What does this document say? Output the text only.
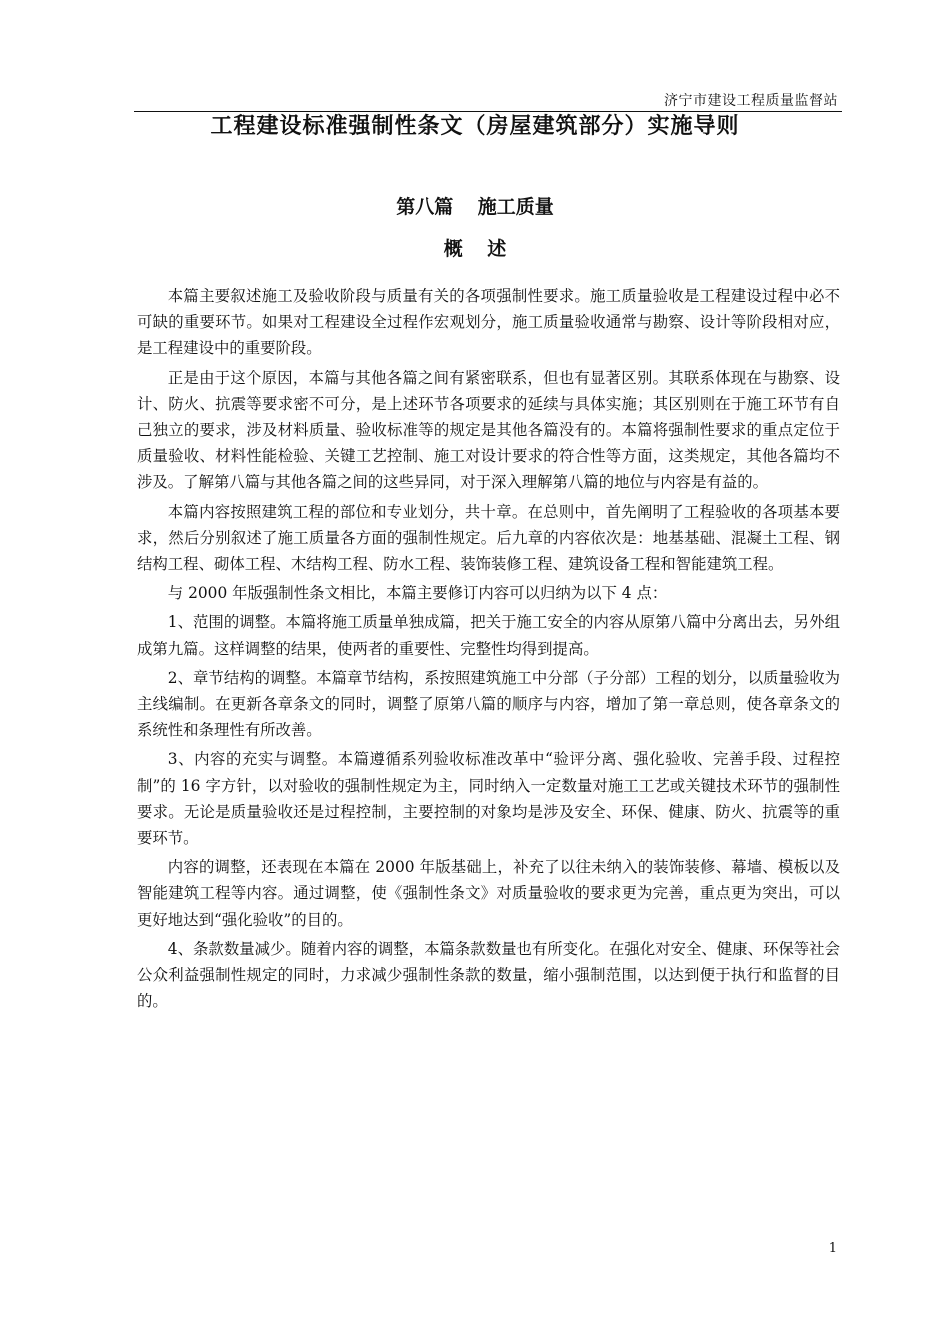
济宁市建设工程质量监督站
工程建设标准强制性条文（房屋建筑部分）实施导则
第八篇 施工质量
概 述

本篇主要叙述施工及验收阶段与质量有关的各项强制性要求。施工质量验收是工程建设过程中必不可缺的重要环节。如果对工程建设全过程作宏观划分，施工质量验收通常与勘察、设计等阶段相对应，是工程建设中的重要阶段。

正是由于这个原因，本篇与其他各篇之间有紧密联系，但也有显著区别。其联系体现在与勘察、设计、防火、抗震等要求密不可分，是上述环节各项要求的延续与具体实施；其区别则在于施工环节有自己独立的要求，涉及材料质量、验收标准等的规定是其他各篇没有的。本篇将强制性要求的重点定位于质量验收、材料性能检验、关键工艺控制、施工对设计要求的符合性等方面，这类规定，其他各篇均不涉及。了解第八篇与其他各篇之间的这些异同，对于深入理解第八篇的地位与内容是有益的。

本篇内容按照建筑工程的部位和专业划分，共十章。在总则中，首先阐明了工程验收的各项基本要求，然后分别叙述了施工质量各方面的强制性规定。后九章的内容依次是：地基基础、混凝土工程、钢结构工程、砌体工程、木结构工程、防水工程、装饰装修工程、建筑设备工程和智能建筑工程。

与 2000 年版强制性条文相比，本篇主要修订内容可以归纳为以下 4 点：

1、范围的调整。本篇将施工质量单独成篇，把关于施工安全的内容从原第八篇中分离出去，另外组成第九篇。这样调整的结果，使两者的重要性、完整性均得到提高。

2、章节结构的调整。本篇章节结构，系按照建筑施工中分部（子分部）工程的划分，以质量验收为主线编制。在更新各章条文的同时，调整了原第八篇的顺序与内容，增加了第一章总则，使各章条文的系统性和条理性有所改善。

3、内容的充实与调整。本篇遵循系列验收标准改革中“验评分离、强化验收、完善手段、过程控制”的 16 字方针，以对验收的强制性规定为主，同时纳入一定数量对施工工艺或关键技术环节的强制性要求。无论是质量验收还是过程控制，主要控制的对象均是涉及安全、环保、健康、防火、抗震等的重要环节。

内容的调整，还表现在本篇在 2000 年版基础上，补充了以往未纳入的装饰装修、幕墙、模板以及智能建筑工程等内容。通过调整，使《强制性条文》对质量验收的要求更为完善，重点更为突出，可以更好地达到“强化验收”的目的。

4、条款数量减少。随着内容的调整，本篇条款数量也有所变化。在强化对安全、健康、环保等社会公众利益强制性规定的同时，力求减少强制性条款的数量，缩小强制范围，以达到便于执行和监督的目的。

1
